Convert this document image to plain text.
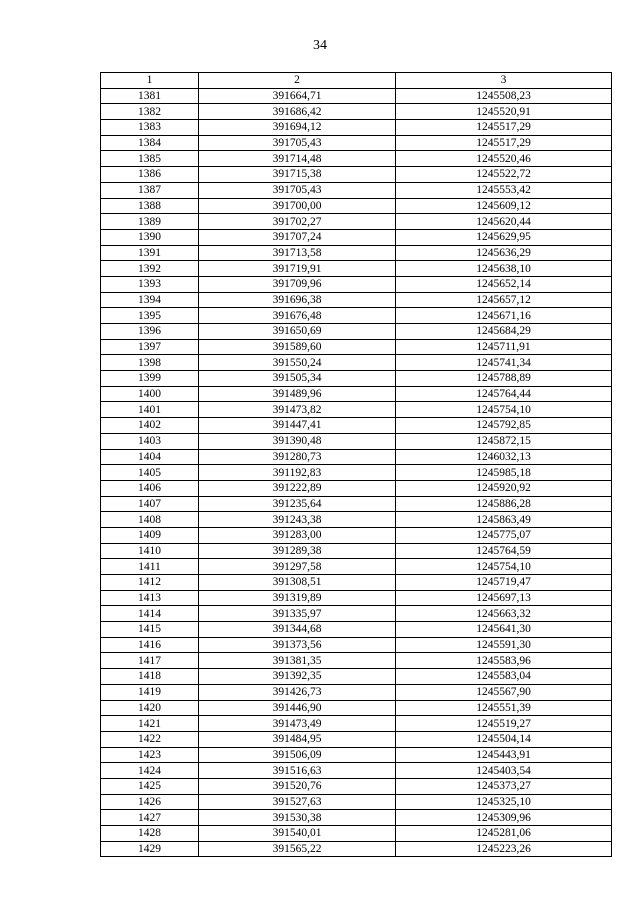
34
1	2	3
1381	391664,71	1245508,23
1382	391686,42	1245520,91
1383	391694,12	1245517,29
1384	391705,43	1245517,29
1385	391714,48	1245520,46
1386	391715,38	1245522,72
1387	391705,43	1245553,42
1388	391700,00	1245609,12
1389	391702,27	1245620,44
1390	391707,24	1245629,95
1391	391713,58	1245636,29
1392	391719,91	1245638,10
1393	391709,96	1245652,14
1394	391696,38	1245657,12
1395	391676,48	1245671,16
1396	391650,69	1245684,29
1397	391589,60	1245711,91
1398	391550,24	1245741,34
1399	391505,34	1245788,89
1400	391489,96	1245764,44
1401	391473,82	1245754,10
1402	391447,41	1245792,85
1403	391390,48	1245872,15
1404	391280,73	1246032,13
1405	391192,83	1245985,18
1406	391222,89	1245920,92
1407	391235,64	1245886,28
1408	391243,38	1245863,49
1409	391283,00	1245775,07
1410	391289,38	1245764,59
1411	391297,58	1245754,10
1412	391308,51	1245719,47
1413	391319,89	1245697,13
1414	391335,97	1245663,32
1415	391344,68	1245641,30
1416	391373,56	1245591,30
1417	391381,35	1245583,96
1418	391392,35	1245583,04
1419	391426,73	1245567,90
1420	391446,90	1245551,39
1421	391473,49	1245519,27
1422	391484,95	1245504,14
1423	391506,09	1245443,91
1424	391516,63	1245403,54
1425	391520,76	1245373,27
1426	391527,63	1245325,10
1427	391530,38	1245309,96
1428	391540,01	1245281,06
1429	391565,22	1245223,26
